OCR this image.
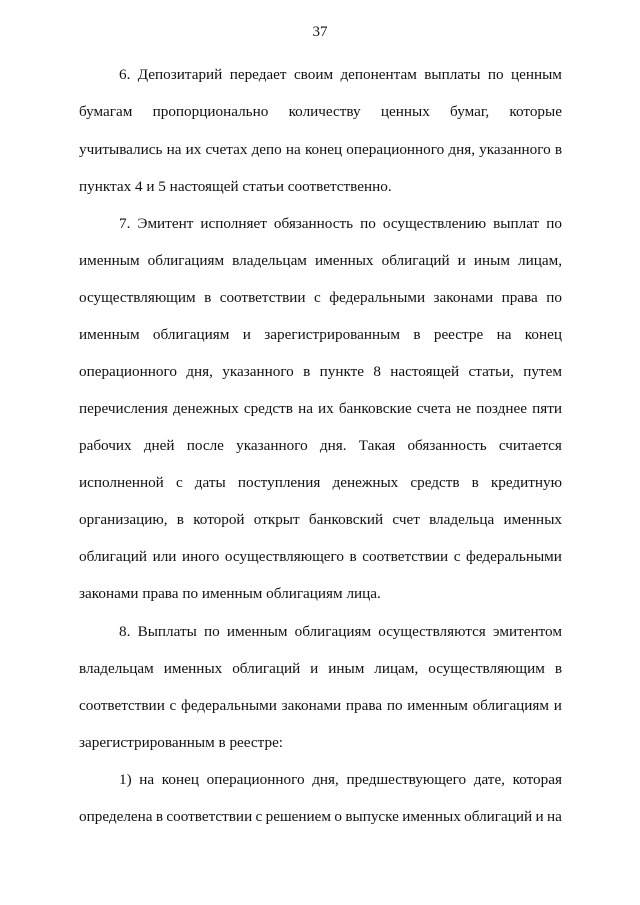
37
6. Депозитарий передает своим депонентам выплаты по ценным
бумагам пропорционально количеству ценных бумаг, которые
учитывались на их счетах депо на конец операционного дня, указанного в
пунктах 4 и 5 настоящей статьи соответственно.
7. Эмитент исполняет обязанность по осуществлению выплат по
именным облигациям владельцам именных облигаций и иным лицам,
осуществляющим в соответствии с федеральными законами права по
именным облигациям и зарегистрированным в реестре на конец
операционного дня, указанного в пункте 8 настоящей статьи, путем
перечисления денежных средств на их банковские счета не позднее пяти
рабочих дней после указанного дня. Такая обязанность считается
исполненной с даты поступления денежных средств в кредитную
организацию, в которой открыт банковский счет владельца именных
облигаций или иного осуществляющего в соответствии с федеральными
законами права по именным облигациям лица.
8. Выплаты по именным облигациям осуществляются эмитентом
владельцам именных облигаций и иным лицам, осуществляющим в
соответствии с федеральными законами права по именным облигациям и
зарегистрированным в реестре:
1) на конец операционного дня, предшествующего дате, которая
определена в соответствии с решением о выпуске именных облигаций и на
